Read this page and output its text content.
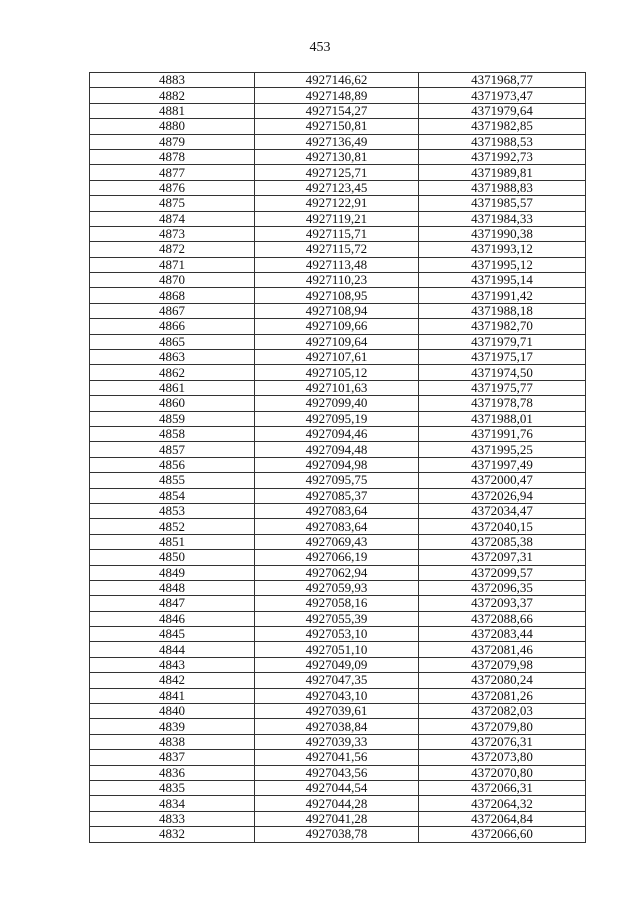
453
4883	4927146,62	4371968,77
4882	4927148,89	4371973,47
4881	4927154,27	4371979,64
4880	4927150,81	4371982,85
4879	4927136,49	4371988,53
4878	4927130,81	4371992,73
4877	4927125,71	4371989,81
4876	4927123,45	4371988,83
4875	4927122,91	4371985,57
4874	4927119,21	4371984,33
4873	4927115,71	4371990,38
4872	4927115,72	4371993,12
4871	4927113,48	4371995,12
4870	4927110,23	4371995,14
4868	4927108,95	4371991,42
4867	4927108,94	4371988,18
4866	4927109,66	4371982,70
4865	4927109,64	4371979,71
4863	4927107,61	4371975,17
4862	4927105,12	4371974,50
4861	4927101,63	4371975,77
4860	4927099,40	4371978,78
4859	4927095,19	4371988,01
4858	4927094,46	4371991,76
4857	4927094,48	4371995,25
4856	4927094,98	4371997,49
4855	4927095,75	4372000,47
4854	4927085,37	4372026,94
4853	4927083,64	4372034,47
4852	4927083,64	4372040,15
4851	4927069,43	4372085,38
4850	4927066,19	4372097,31
4849	4927062,94	4372099,57
4848	4927059,93	4372096,35
4847	4927058,16	4372093,37
4846	4927055,39	4372088,66
4845	4927053,10	4372083,44
4844	4927051,10	4372081,46
4843	4927049,09	4372079,98
4842	4927047,35	4372080,24
4841	4927043,10	4372081,26
4840	4927039,61	4372082,03
4839	4927038,84	4372079,80
4838	4927039,33	4372076,31
4837	4927041,56	4372073,80
4836	4927043,56	4372070,80
4835	4927044,54	4372066,31
4834	4927044,28	4372064,32
4833	4927041,28	4372064,84
4832	4927038,78	4372066,60
